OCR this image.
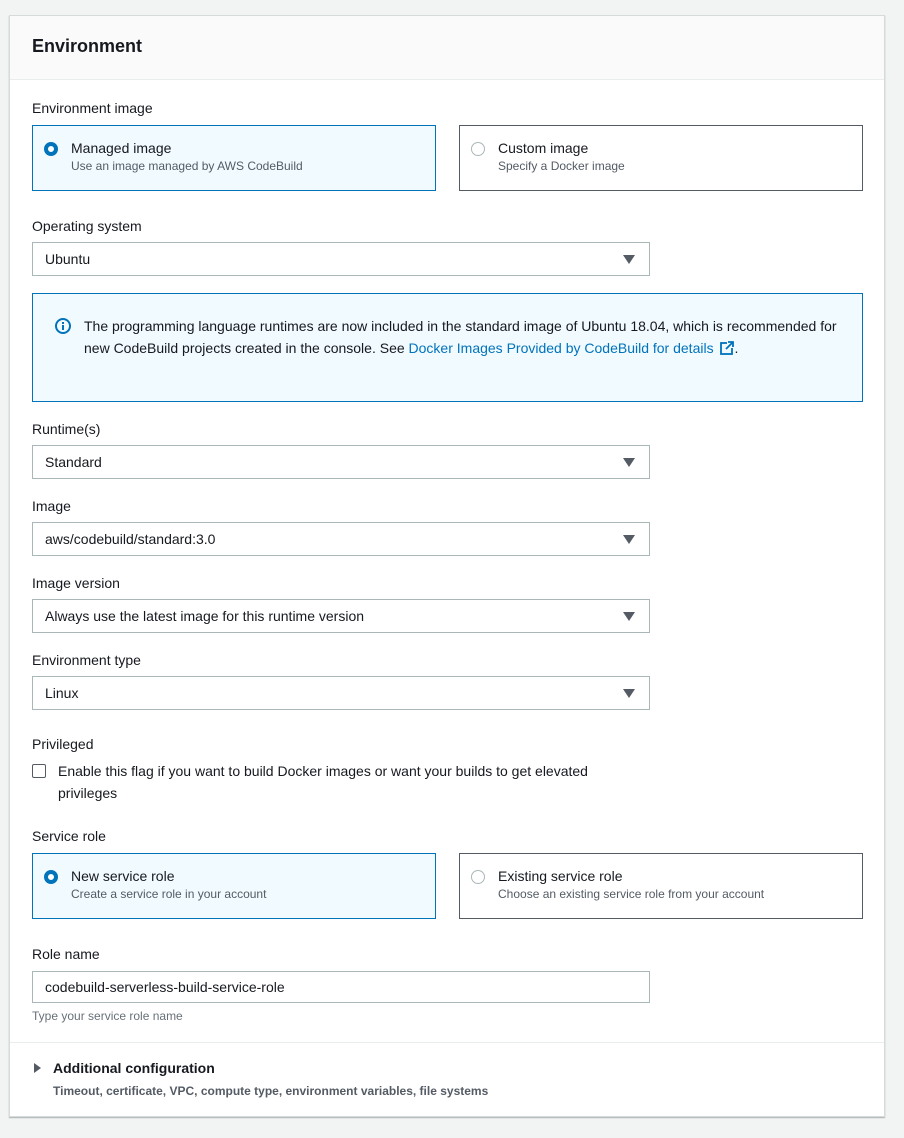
Environment
Environment image
Managed image
Use an image managed by AWS CodeBuild
Custom image
Specify a Docker image
Operating system
Ubuntu
The programming language runtimes are now included in the standard image of Ubuntu 18.04, which is recommended for new CodeBuild projects created in the console. See Docker Images Provided by CodeBuild for details .
Runtime(s)
Standard
Image
aws/codebuild/standard:3.0
Image version
Always use the latest image for this runtime version
Environment type
Linux
Privileged
Enable this flag if you want to build Docker images or want your builds to get elevated privileges
Service role
New service role
Create a service role in your account
Existing service role
Choose an existing service role from your account
Role name
codebuild-serverless-build-service-role
Type your service role name
Additional configuration
Timeout, certificate, VPC, compute type, environment variables, file systems
